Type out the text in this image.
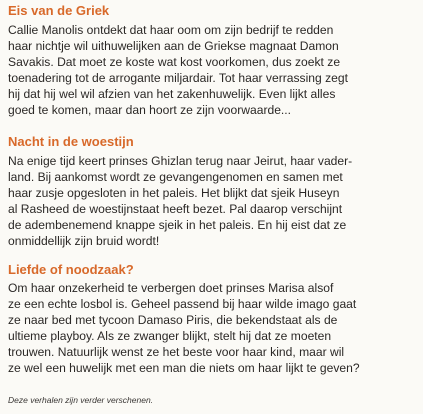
Eis van de Griek
Callie Manolis ontdekt dat haar oom om zijn bedrijf te redden
haar nichtje wil uithuwelijken aan de Griekse magnaat Damon
Savakis. Dat moet ze koste wat kost voorkomen, dus zoekt ze
toenadering tot de arrogante miljardair. Tot haar verrassing zegt
hij dat hij wel wil afzien van het zakenhuwelijk. Even lijkt alles
goed te komen, maar dan hoort ze zijn voorwaarde...
Nacht in de woestijn
Na enige tijd keert prinses Ghizlan terug naar Jeirut, haar vader-
land. Bij aankomst wordt ze gevangengenomen en samen met
haar zusje opgesloten in het paleis. Het blijkt dat sjeik Huseyn
al Rasheed de woestijnstaat heeft bezet. Pal daarop verschijnt
de adembenemend knappe sjeik in het paleis. En hij eist dat ze
onmiddellijk zijn bruid wordt!
Liefde of noodzaak?
Om haar onzekerheid te verbergen doet prinses Marisa alsof
ze een echte losbol is. Geheel passend bij haar wilde imago gaat
ze naar bed met tycoon Damaso Piris, die bekendstaat als de
ultieme playboy. Als ze zwanger blijkt, stelt hij dat ze moeten
trouwen. Natuurlijk wenst ze het beste voor haar kind, maar wil
ze wel een huwelijk met een man die niets om haar lijkt te geven?

Deze verhalen zijn verder verschenen.
